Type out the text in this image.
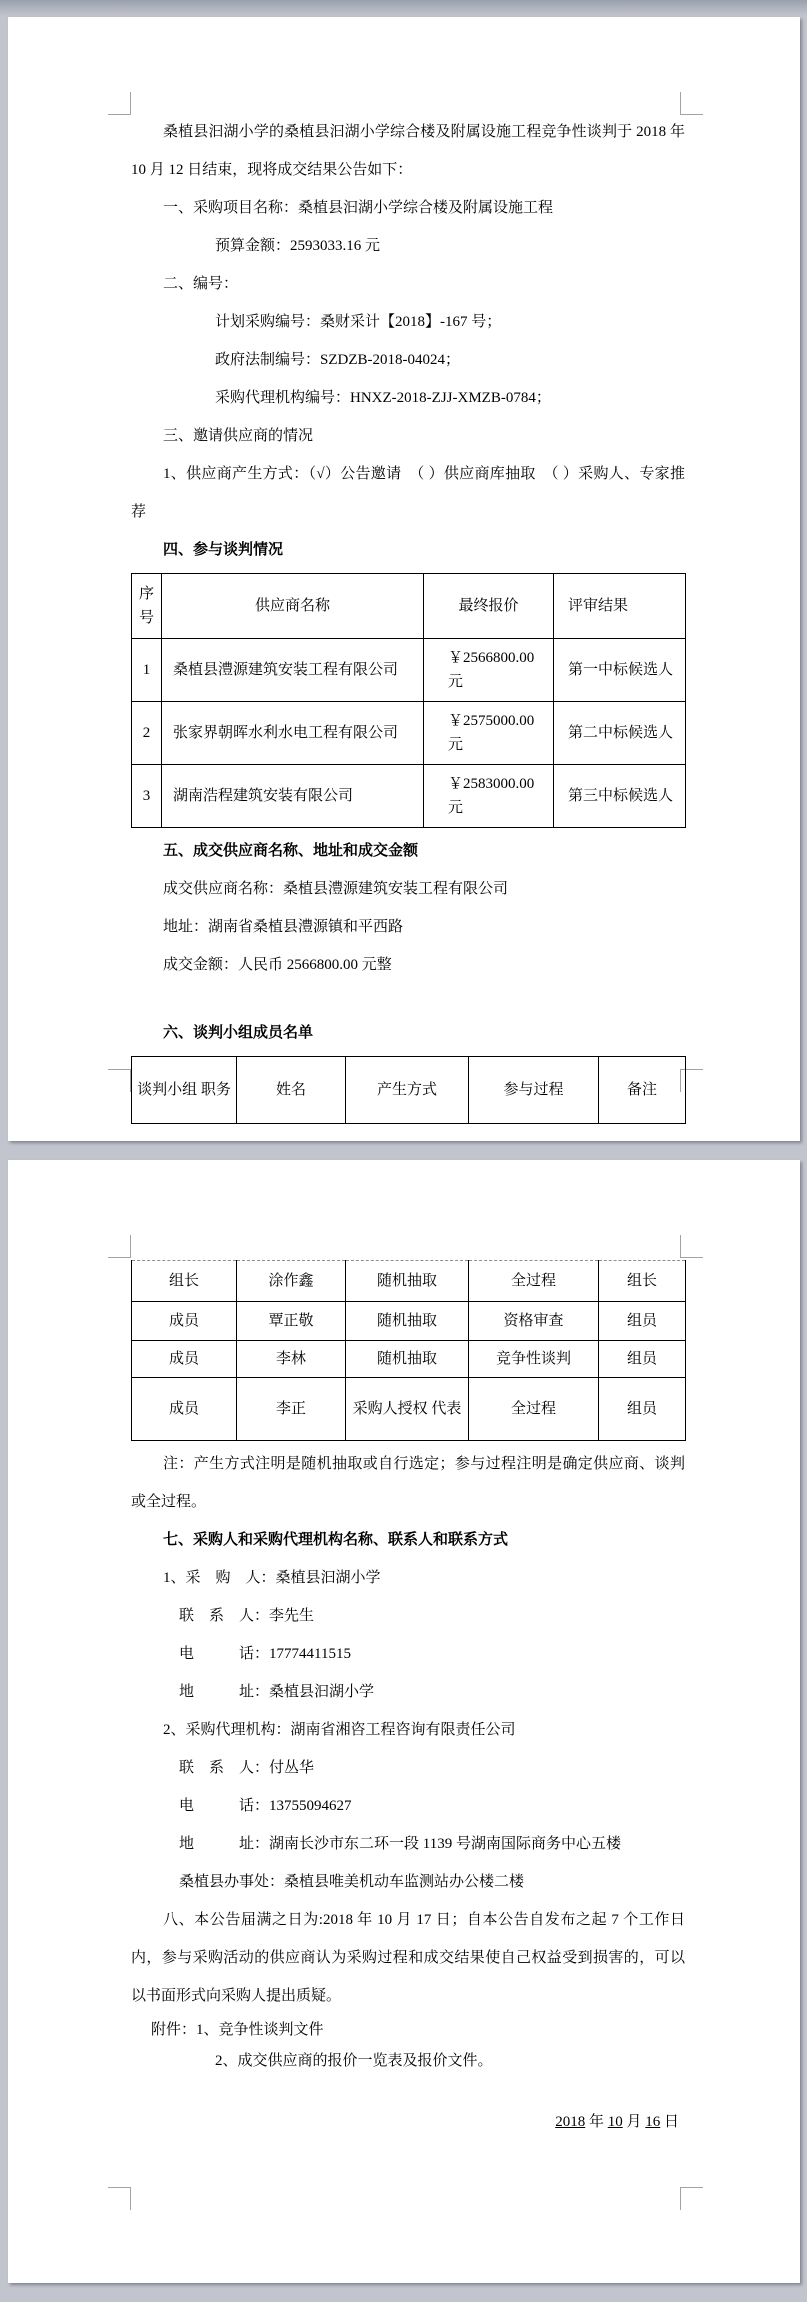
桑植县汩湖小学的桑植县汩湖小学综合楼及附属设施工程竞争性谈判于 2018 年 10 月 12 日结束，现将成交结果公告如下：
一、采购项目名称：桑植县汩湖小学综合楼及附属设施工程
预算金额：2593033.16 元
二、编号：
计划采购编号：桑财采计【2018】-167 号；
政府法制编号：SZDZB-2018-04024；
采购代理机构编号：HNXZ-2018-ZJJ-XMZB-0784；
三、邀请供应商的情况
1、供应商产生方式：（√）公告邀请　（ ）供应商库抽取　（ ）采购人、专家推荐
四、参与谈判情况
序号	供应商名称	最终报价	评审结果
1	桑植县澧源建筑安装工程有限公司	￥2566800.00 元	第一中标候选人
2	张家界朝晖水利水电工程有限公司	￥2575000.00 元	第二中标候选人
3	湖南浩程建筑安装有限公司	￥2583000.00 元	第三中标候选人
五、成交供应商名称、地址和成交金额
成交供应商名称：桑植县澧源建筑安装工程有限公司
地址：湖南省桑植县澧源镇和平西路
成交金额：人民币 2566800.00 元整
六、谈判小组成员名单
谈判小组 职务	姓名	产生方式	参与过程	备注
组长	涂作鑫	随机抽取	全过程	组长
成员	覃正敬	随机抽取	资格审查	组员
成员	李林	随机抽取	竞争性谈判	组员
成员	李正	采购人授权 代表	全过程	组员
注：产生方式注明是随机抽取或自行选定；参与过程注明是确定供应商、谈判或全过程。
七、采购人和采购代理机构名称、联系人和联系方式
1、采　购　人：桑植县汩湖小学
联　系　人：李先生
电　　　话：17774411515
地　　　址：桑植县汩湖小学
2、采购代理机构：湖南省湘咨工程咨询有限责任公司
联　系　人：付丛华
电　　　话：13755094627
地　　　址：湖南长沙市东二环一段 1139 号湖南国际商务中心五楼
桑植县办事处：桑植县唯美机动车监测站办公楼二楼
八、本公告届满之日为:2018 年 10 月 17 日；自本公告自发布之起 7 个工作日内，参与采购活动的供应商认为采购过程和成交结果使自己权益受到损害的，可以以书面形式向采购人提出质疑。
附件：1、竞争性谈判文件
2、成交供应商的报价一览表及报价文件。
2018 年 10 月 16 日
